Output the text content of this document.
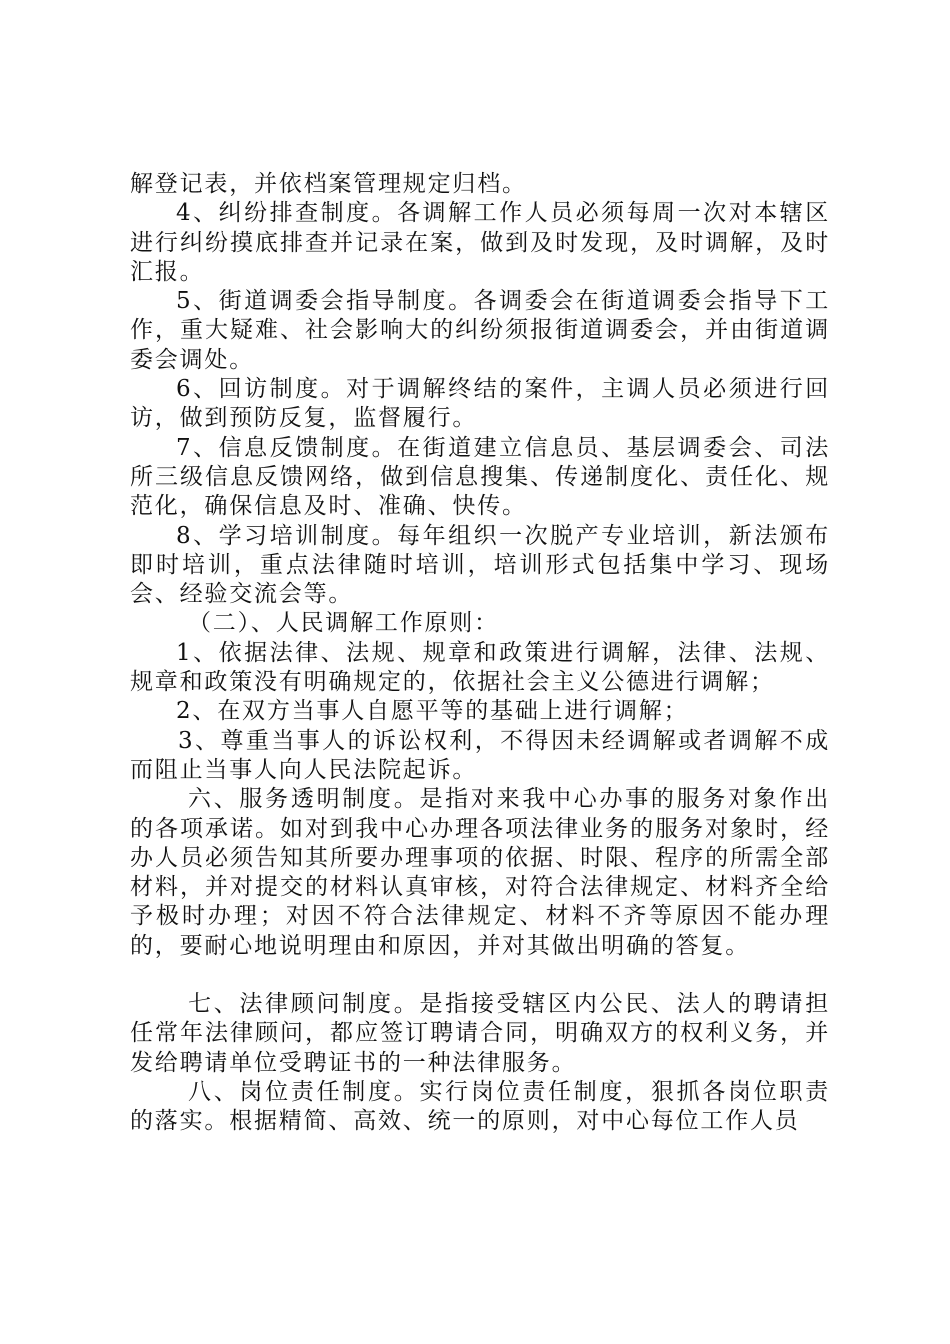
解登记表，并依档案管理规定归档。

4、纠纷排查制度。各调解工作人员必须每周一次对本辖区进行纠纷摸底排查并记录在案，做到及时发现，及时调解，及时汇报。

5、街道调委会指导制度。各调委会在街道调委会指导下工作，重大疑难、社会影响大的纠纷须报街道调委会，并由街道调委会调处。

6、回访制度。对于调解终结的案件，主调人员必须进行回访，做到预防反复，监督履行。

7、信息反馈制度。在街道建立信息员、基层调委会、司法所三级信息反馈网络，做到信息搜集、传递制度化、责任化、规范化，确保信息及时、准确、快传。

8、学习培训制度。每年组织一次脱产专业培训，新法颁布即时培训，重点法律随时培训，培训形式包括集中学习、现场会、经验交流会等。

（二）、人民调解工作原则：

1、依据法律、法规、规章和政策进行调解，法律、法规、规章和政策没有明确规定的，依据社会主义公德进行调解；

2、在双方当事人自愿平等的基础上进行调解；

3、尊重当事人的诉讼权利，不得因未经调解或者调解不成而阻止当事人向人民法院起诉。

六、服务透明制度。是指对来我中心办事的服务对象作出的各项承诺。如对到我中心办理各项法律业务的服务对象时，经办人员必须告知其所要办理事项的依据、时限、程序的所需全部材料，并对提交的材料认真审核，对符合法律规定、材料齐全给予极时办理；对因不符合法律规定、材料不齐等原因不能办理的，要耐心地说明理由和原因，并对其做出明确的答复。

七、法律顾问制度。是指接受辖区内公民、法人的聘请担任常年法律顾问，都应签订聘请合同，明确双方的权利义务，并发给聘请单位受聘证书的一种法律服务。

八、岗位责任制度。实行岗位责任制度，狠抓各岗位职责的落实。根据精简、高效、统一的原则，对中心每位工作人员
